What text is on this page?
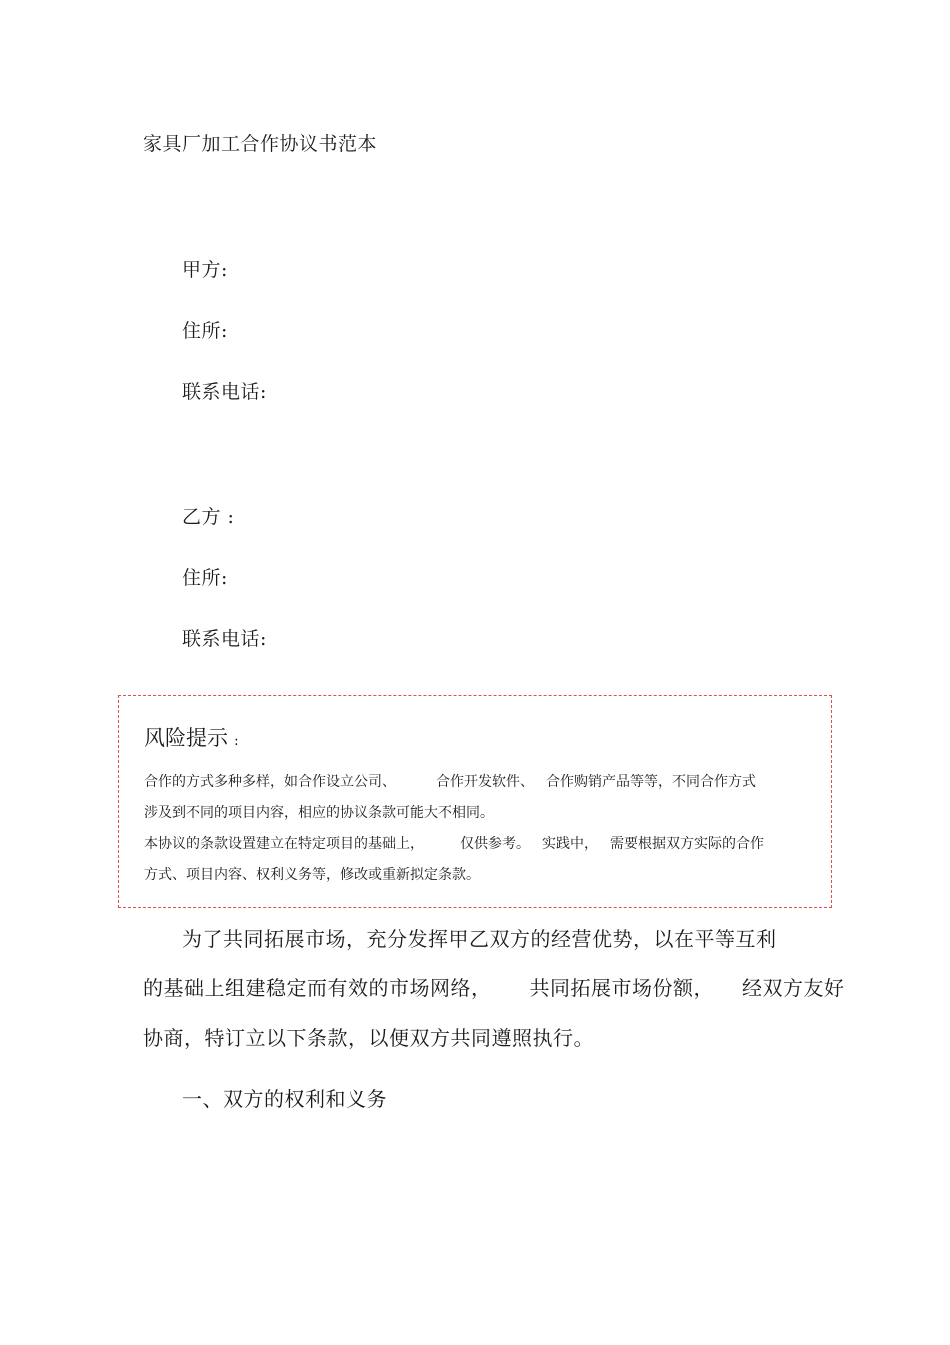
家具厂加工合作协议书范本
甲方:
住所:
联系电话:
乙方 :
住所:
联系电话:
风险提示 :
合作的方式多种多样，如合作设立公司、	合作开发软件、 合作购销产品等等，不同合作方式
涉及到不同的项目内容，相应的协议条款可能大不相同。
本协议的条款设置建立在特定项目的基础上，	仅供参考。 实践中， 需要根据双方实际的合作
方式、项目内容、权利义务等，修改或重新拟定条款。
为了共同拓展市场，充分发挥甲乙双方的经营优势，以在平等互利
的基础上组建稳定而有效的市场网络， 共同拓展市场份额， 经双方友好
协商，特订立以下条款，以便双方共同遵照执行。
一、双方的权利和义务
